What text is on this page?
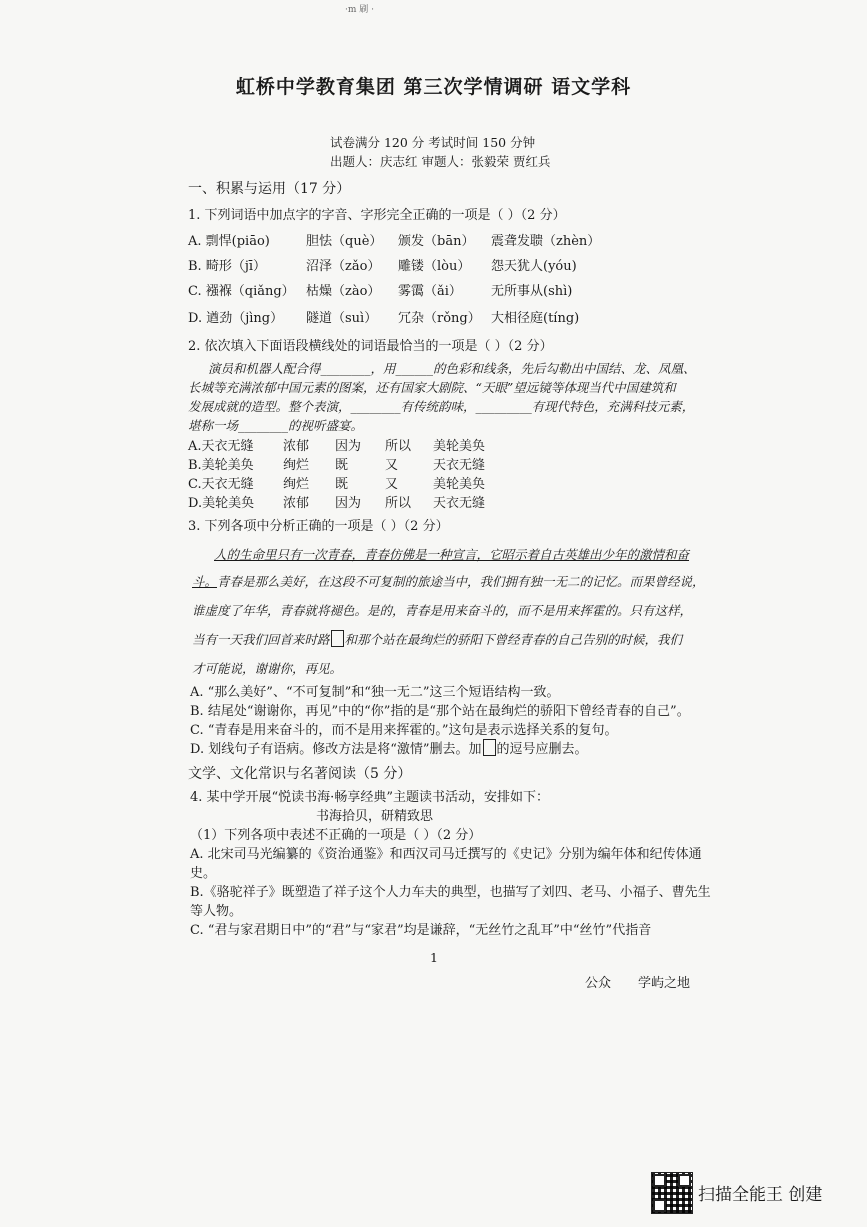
·m 刷 ·
虹桥中学教育集团 第三次学情调研 语文学科
试卷满分 120 分 考试时间 150 分钟
出题人：庆志红 审题人：张毅荣 贾红兵
一、积累与运用（17 分）
1. 下列词语中加点字的字音、字形完全正确的一项是（ ）（2 分）
A. 剽悍(piāo)	胆怯（què） 颁发（bān） 震聋发聩（zhèn）
B. 畸形（jī）	沼泽（zǎo） 雕镂（lòu） 怨天犹人(yóu)
C. 襁褓（qiǎng） 枯燥（zào） 雾霭（ǎi） 无所事从(shì)
D. 遒劲（jìng） 隧道（suì） 冗杂（rǒng） 大相径庭(tíng)
2. 依次填入下面语段横线处的词语最恰当的一项是（ ）（2 分）
演员和机器人配合得________，用______的色彩和线条，先后勾勒出中国结、龙、凤凰、
长城等充满浓郁中国元素的图案，还有国家大剧院、“天眼”望远镜等体现当代中国建筑和
发展成就的造型。整个表演，________有传统韵味，_________有现代特色，充满科技元素，
堪称一场________的视听盛宴。
A.天衣无缝 浓郁 因为 所以 美轮美奂
B.美轮美奂 绚烂 既	又	天衣无缝
C.天衣无缝 绚烂 既	又	美轮美奂
D.美轮美奂 浓郁 因为 所以 天衣无缝
3. 下列各项中分析正确的一项是（ ）（2 分）
人的生命里只有一次青春，青春仿佛是一种宣言，它昭示着自古英雄出少年的激情和奋
斗。青春是那么美好，在这段不可复制的旅途当中，我们拥有独一无二的记忆。而果曾经说，
谁虚度了年华，青春就将褪色。是的，青春是用来奋斗的，而不是用来挥霍的。只有这样，
当有一天我们回首来时路 和那个站在最绚烂的骄阳下曾经青春的自己告别的时候，我们
才可能说，谢谢你，再见。
A. “那么美好”、“不可复制”和“独一无二”这三个短语结构一致。
B. 结尾处“谢谢你，再见”中的“你”指的是“那个站在最绚烂的骄阳下曾经青春的自己”。
C. “青春是用来奋斗的，而不是用来挥霍的。”这句是表示选择关系的复句。
D. 划线句子有语病。修改方法是将“激情”删去。加 的逗号应删去。
文学、文化常识与名著阅读（5 分）
4. 某中学开展“悦读书海·畅享经典”主题读书活动，安排如下：
书海拾贝，研精致思
（1）下列各项中表述不正确的一项是（ ）（2 分）
A. 北宋司马光编纂的《资治通鉴》和西汉司马迁撰写的《史记》分别为编年体和纪传体通
史。
B.《骆驼祥子》既塑造了祥子这个人力车夫的典型，也描写了刘四、老马、小福子、曹先生
等人物。
C. “君与家君期日中”的“君”与“家君”均是谦辞，“无丝竹之乱耳”中“丝竹”代指音
1
公众 学屿之地
扫描全能王 创建
